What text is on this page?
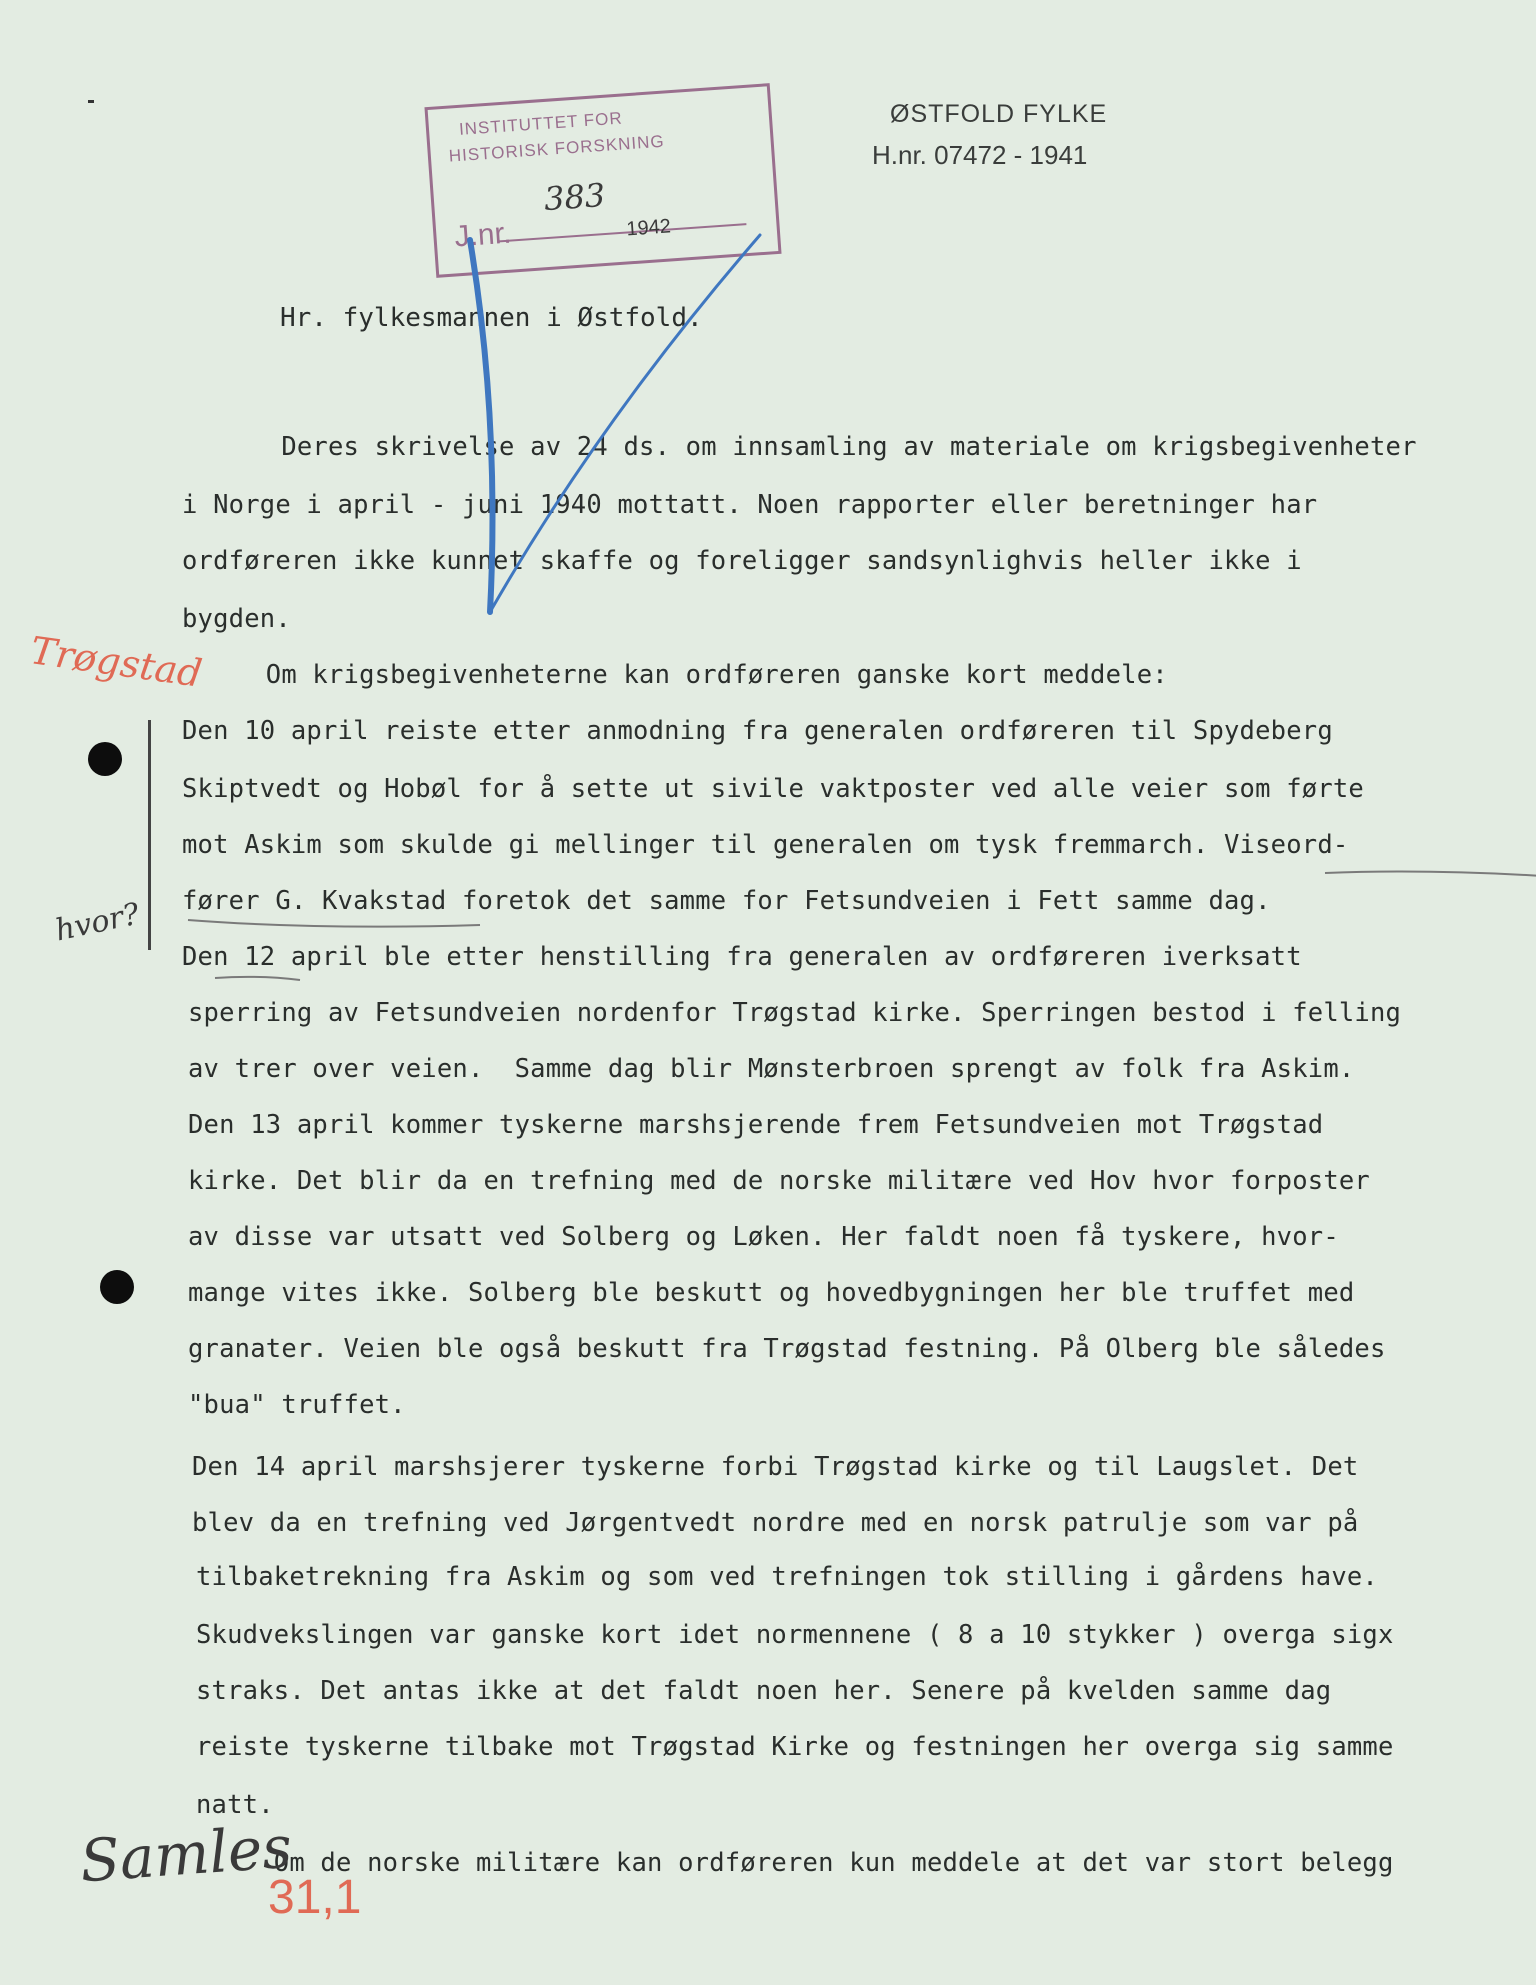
INSTITUTTET FOR
HISTORISK FORSKNING
383
J.nr.	1942
ØSTFOLD FYLKE
H.nr. 07472 - 1941
Hr. fylkesmannen i Østfold.
Deres skrivelse av 24 ds. om innsamling av materiale om krigsbegivenheter
i Norge i april - juni 1940 mottatt. Noen rapporter eller beretninger har
ordføreren ikke kunnet skaffe og foreligger sandsynlighvis heller ikke i
bygden.
Om krigsbegivenheterne kan ordføreren ganske kort meddele:
Den 10 april reiste etter anmodning fra generalen ordføreren til Spydeberg
Skiptvedt og Hobøl for å sette ut sivile vaktposter ved alle veier som førte
mot Askim som skulde gi mellinger til generalen om tysk fremmarch. Viseord-
fører G. Kvakstad foretok det samme for Fetsundveien i Fett samme dag.
Den 12 april ble etter henstilling fra generalen av ordføreren iverksatt
sperring av Fetsundveien nordenfor Trøgstad kirke. Sperringen bestod i felling
av trer over veien.  Samme dag blir Mønsterbroen sprengt av folk fra Askim.
Den 13 april kommer tyskerne marshsjerende frem Fetsundveien mot Trøgstad
kirke. Det blir da en trefning med de norske militære ved Hov hvor forposter
av disse var utsatt ved Solberg og Løken. Her faldt noen få tyskere, hvor-
mange vites ikke. Solberg ble beskutt og hovedbygningen her ble truffet med
granater. Veien ble også beskutt fra Trøgstad festning. På Olberg ble således
"bua" truffet.
Den 14 april marshsjerer tyskerne forbi Trøgstad kirke og til Laugslet. Det
blev da en trefning ved Jørgentvedt nordre med en norsk patrulje som var på
tilbaketrekning fra Askim og som ved trefningen tok stilling i gårdens have.
Skudvekslingen var ganske kort idet normennene ( 8 a 10 stykker ) overga sigx
straks. Det antas ikke at det faldt noen her. Senere på kvelden samme dag
reiste tyskerne tilbake mot Trøgstad Kirke og festningen her overga sig samme
natt.
Om de norske militære kan ordføreren kun meddele at det var stort belegg
Trøgstad
hvor?
Samles
31,1
